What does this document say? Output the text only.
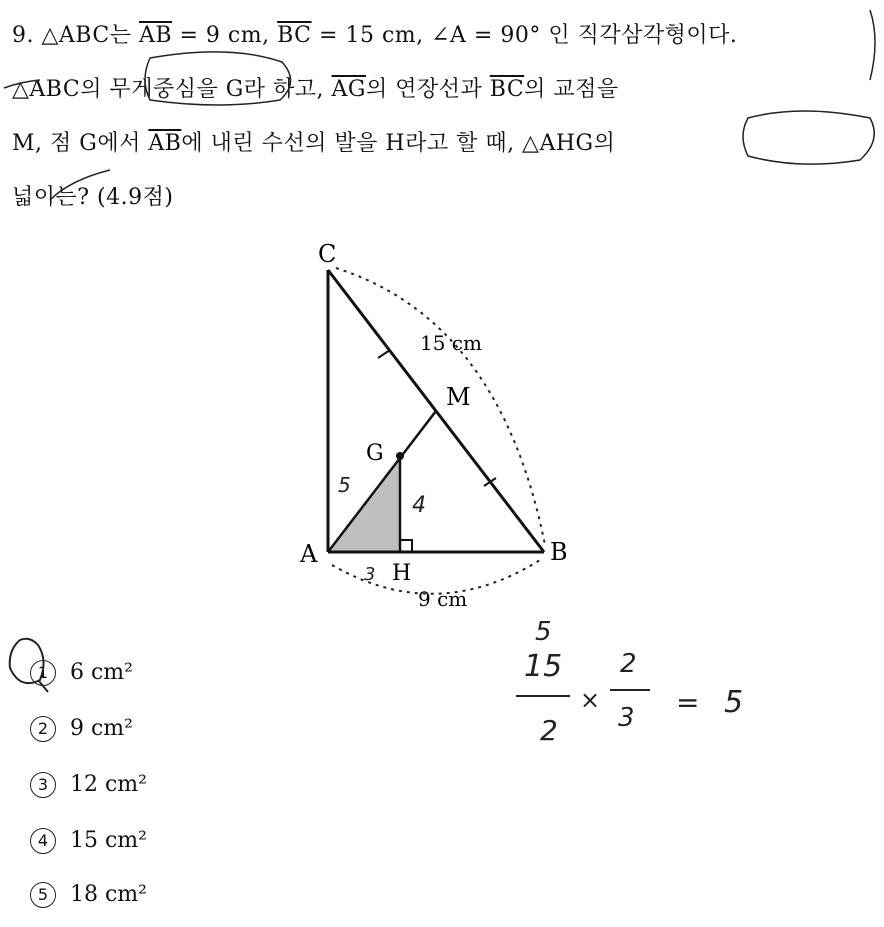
9. △ABC는 $\overline{AB} = 9$ cm, $\overline{BC} = 15$ cm, ∠A = 90° 인 직각삼각형이다.
△ABC의 무게중심을 G라 하고, $\overline{AG}$의 연장선과 $\overline{BC}$의 교점을
M, 점 G에서 $\overline{AB}$에 내린 수선의 발을 H라고 할 때, △AHG의
넓이는? (4.9점)
C
M
G
A
H
B
15 cm
9 cm
4
3
5
1 6 cm²
2 9 cm²
3 12 cm²
4 15 cm²
5 18 cm²
5
15
2
×
2
3 = 5
